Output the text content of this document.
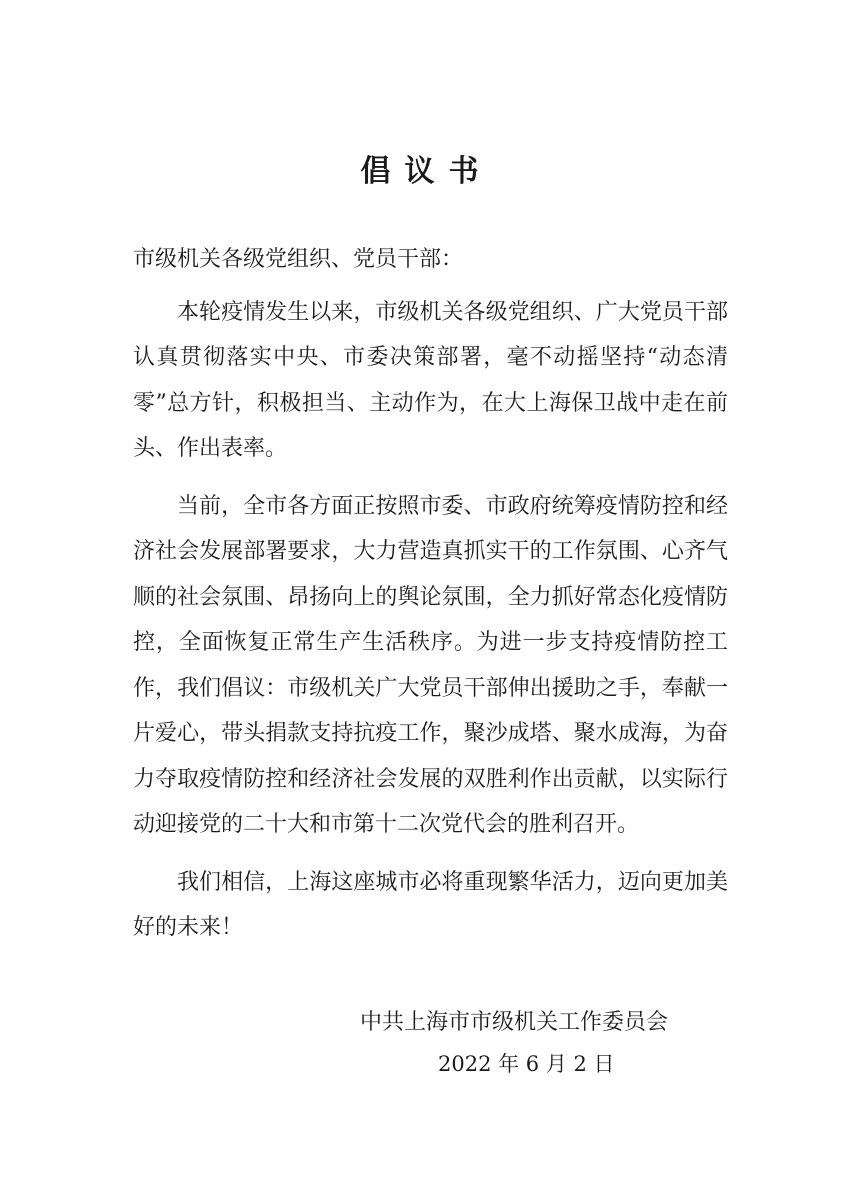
倡议书

市级机关各级党组织、党员干部：

本轮疫情发生以来，市级机关各级党组织、广大党员干部认真贯彻落实中央、市委决策部署，毫不动摇坚持“动态清零”总方针，积极担当、主动作为，在大上海保卫战中走在前头、作出表率。

当前，全市各方面正按照市委、市政府统筹疫情防控和经济社会发展部署要求，大力营造真抓实干的工作氛围、心齐气顺的社会氛围、昂扬向上的舆论氛围，全力抓好常态化疫情防控，全面恢复正常生产生活秩序。为进一步支持疫情防控工作，我们倡议：市级机关广大党员干部伸出援助之手，奉献一片爱心，带头捐款支持抗疫工作，聚沙成塔、聚水成海，为奋力夺取疫情防控和经济社会发展的双胜利作出贡献，以实际行动迎接党的二十大和市第十二次党代会的胜利召开。

我们相信，上海这座城市必将重现繁华活力，迈向更加美好的未来！

中共上海市市级机关工作委员会
2022 年 6 月 2 日
